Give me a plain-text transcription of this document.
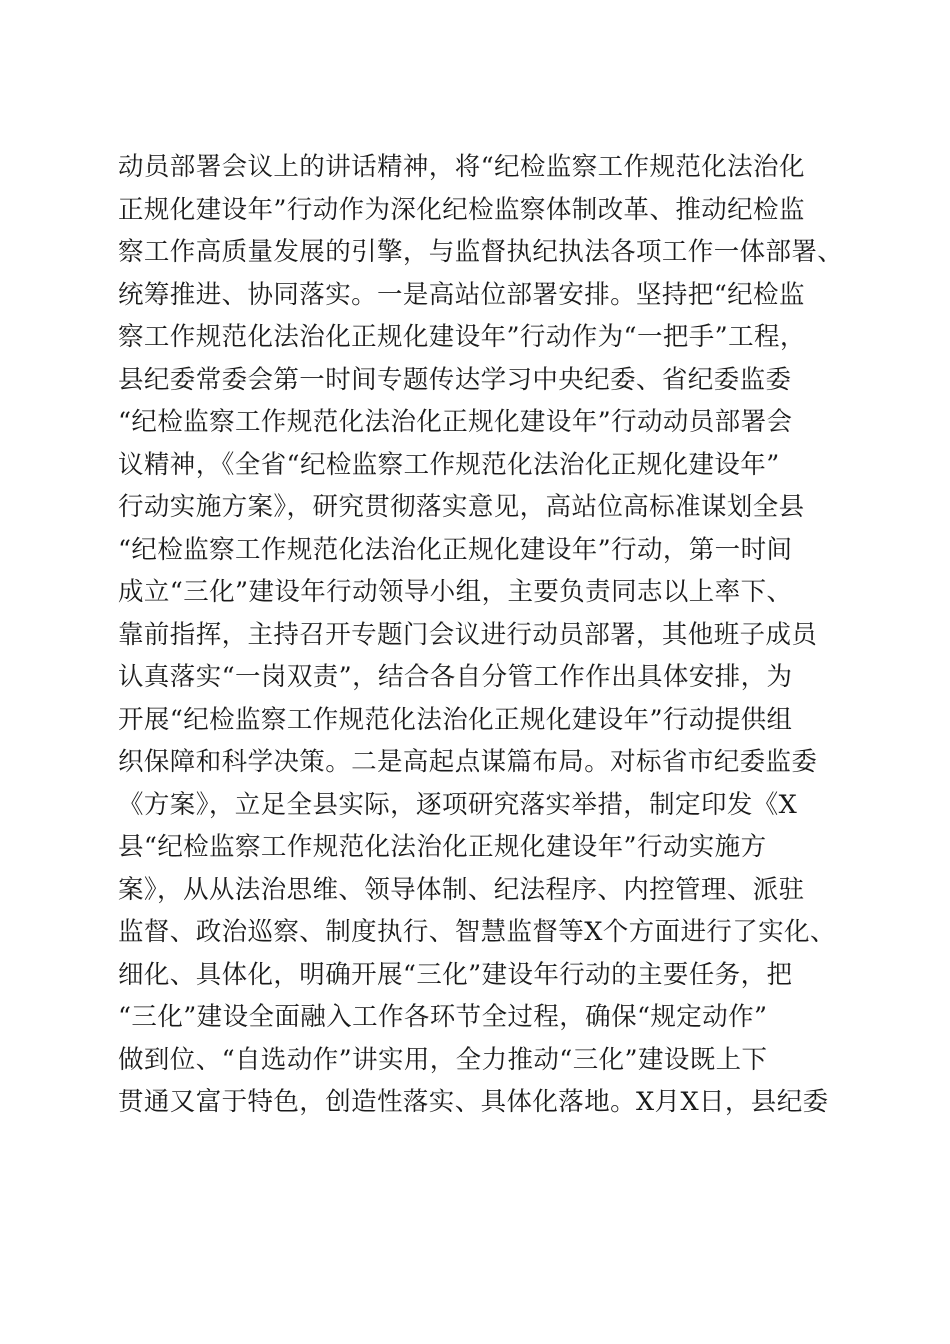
动员部署会议上的讲话精神，将“纪检监察工作规范化法治化
正规化建设年”行动作为深化纪检监察体制改革、推动纪检监
察工作高质量发展的引擎，与监督执纪执法各项工作一体部署、
统筹推进、协同落实。一是高站位部署安排。坚持把“纪检监
察工作规范化法治化正规化建设年”行动作为“一把手”工程，
县纪委常委会第一时间专题传达学习中央纪委、省纪委监委
“纪检监察工作规范化法治化正规化建设年”行动动员部署会
议精神，《全省“纪检监察工作规范化法治化正规化建设年”
行动实施方案》，研究贯彻落实意见，高站位高标准谋划全县
“纪检监察工作规范化法治化正规化建设年”行动，第一时间
成立“三化”建设年行动领导小组，主要负责同志以上率下、
靠前指挥，主持召开专题门会议进行动员部署，其他班子成员
认真落实“一岗双责”，结合各自分管工作作出具体安排，为
开展“纪检监察工作规范化法治化正规化建设年”行动提供组
织保障和科学决策。二是高起点谋篇布局。对标省市纪委监委
《方案》，立足全县实际，逐项研究落实举措，制定印发《X
县“纪检监察工作规范化法治化正规化建设年”行动实施方
案》，从从法治思维、领导体制、纪法程序、内控管理、派驻
监督、政治巡察、制度执行、智慧监督等X个方面进行了实化、
细化、具体化，明确开展“三化”建设年行动的主要任务，把
“三化”建设全面融入工作各环节全过程，确保“规定动作”
做到位、“自选动作”讲实用，全力推动“三化”建设既上下
贯通又富于特色，创造性落实、具体化落地。X月X日，县纪委
